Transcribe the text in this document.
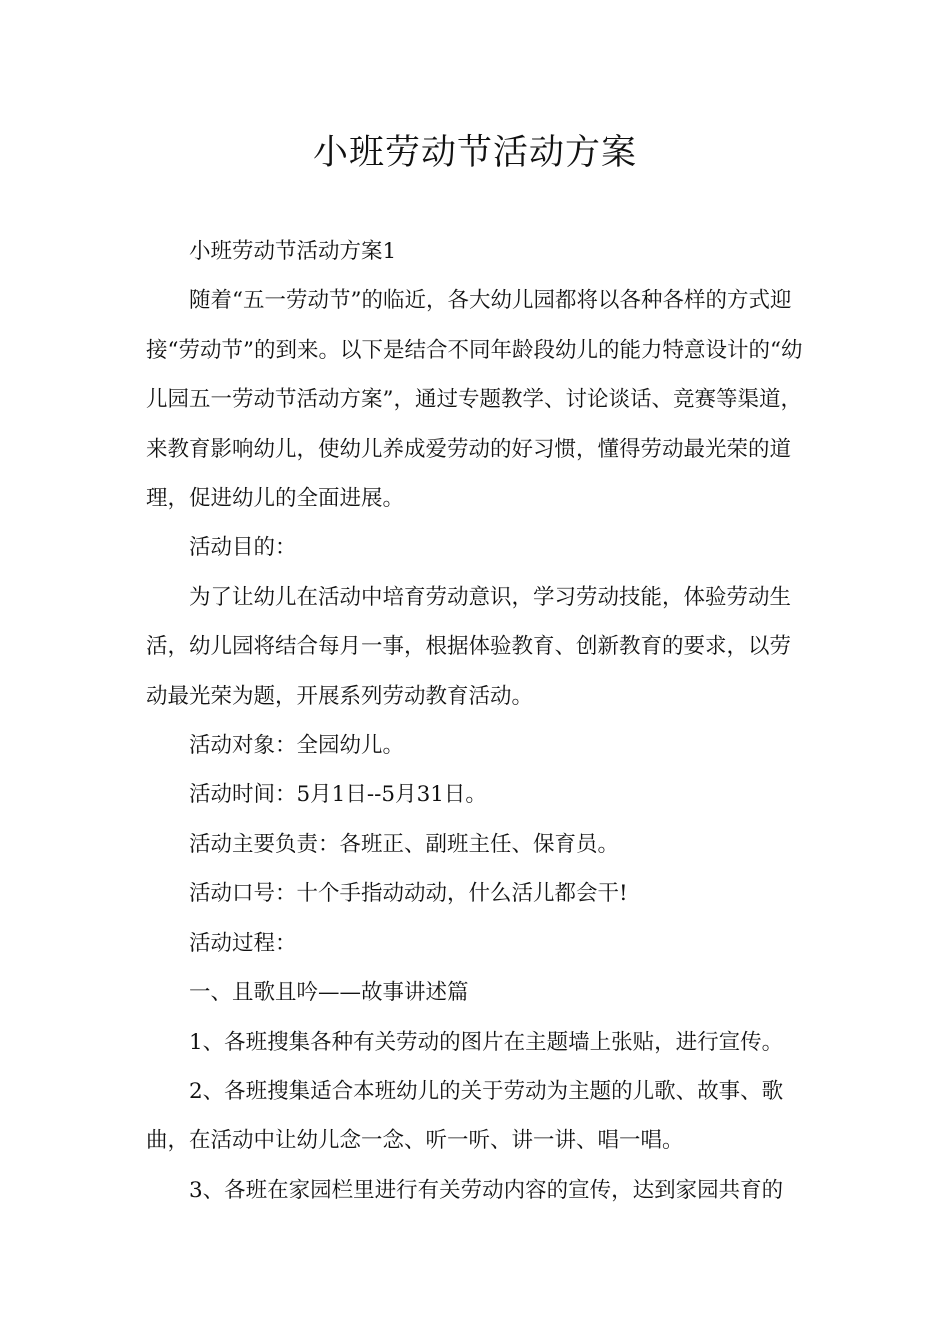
小班劳动节活动方案

小班劳动节活动方案1

随着“五一劳动节”的临近，各大幼儿园都将以各种各样的方式迎接“劳动节”的到来。以下是结合不同年龄段幼儿的能力特意设计的“幼儿园五一劳动节活动方案”，通过专题教学、讨论谈话、竞赛等渠道，来教育影响幼儿，使幼儿养成爱劳动的好习惯，懂得劳动最光荣的道理，促进幼儿的全面进展。

活动目的：

为了让幼儿在活动中培育劳动意识，学习劳动技能，体验劳动生活，幼儿园将结合每月一事，根据体验教育、创新教育的要求，以劳动最光荣为题，开展系列劳动教育活动。

活动对象：全园幼儿。

活动时间：5月1日--5月31日。

活动主要负责：各班正、副班主任、保育员。

活动口号：十个手指动动动，什么活儿都会干!

活动过程：

一、且歌且吟——故事讲述篇

1、各班搜集各种有关劳动的图片在主题墙上张贴，进行宣传。

2、各班搜集适合本班幼儿的关于劳动为主题的儿歌、故事、歌曲，在活动中让幼儿念一念、听一听、讲一讲、唱一唱。

3、各班在家园栏里进行有关劳动内容的宣传，达到家园共育的
